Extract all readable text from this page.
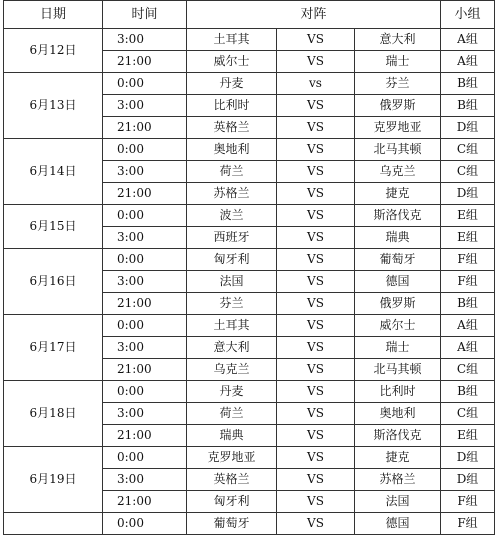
日期	时间	对阵			小组
6月12日	3:00	土耳其	VS	意大利	A组
	21:00	威尔士	VS	瑞士	A组
6月13日	0:00	丹麦	vs	芬兰	B组
	3:00	比利时	VS	俄罗斯	B组
	21:00	英格兰	VS	克罗地亚	D组
6月14日	0:00	奥地利	VS	北马其顿	C组
	3:00	荷兰	VS	乌克兰	C组
	21:00	苏格兰	VS	捷克	D组
6月15日	0:00	波兰	VS	斯洛伐克	E组
	3:00	西班牙	VS	瑞典	E组
6月16日	0:00	匈牙利	VS	葡萄牙	F组
	3:00	法国	VS	德国	F组
	21:00	芬兰	VS	俄罗斯	B组
6月17日	0:00	土耳其	VS	威尔士	A组
	3:00	意大利	VS	瑞士	A组
	21:00	乌克兰	VS	北马其顿	C组
6月18日	0:00	丹麦	VS	比利时	B组
	3:00	荷兰	VS	奥地利	C组
	21:00	瑞典	VS	斯洛伐克	E组
6月19日	0:00	克罗地亚	VS	捷克	D组
	3:00	英格兰	VS	苏格兰	D组
	21:00	匈牙利	VS	法国	F组
	0:00	葡萄牙	VS	德国	F组
